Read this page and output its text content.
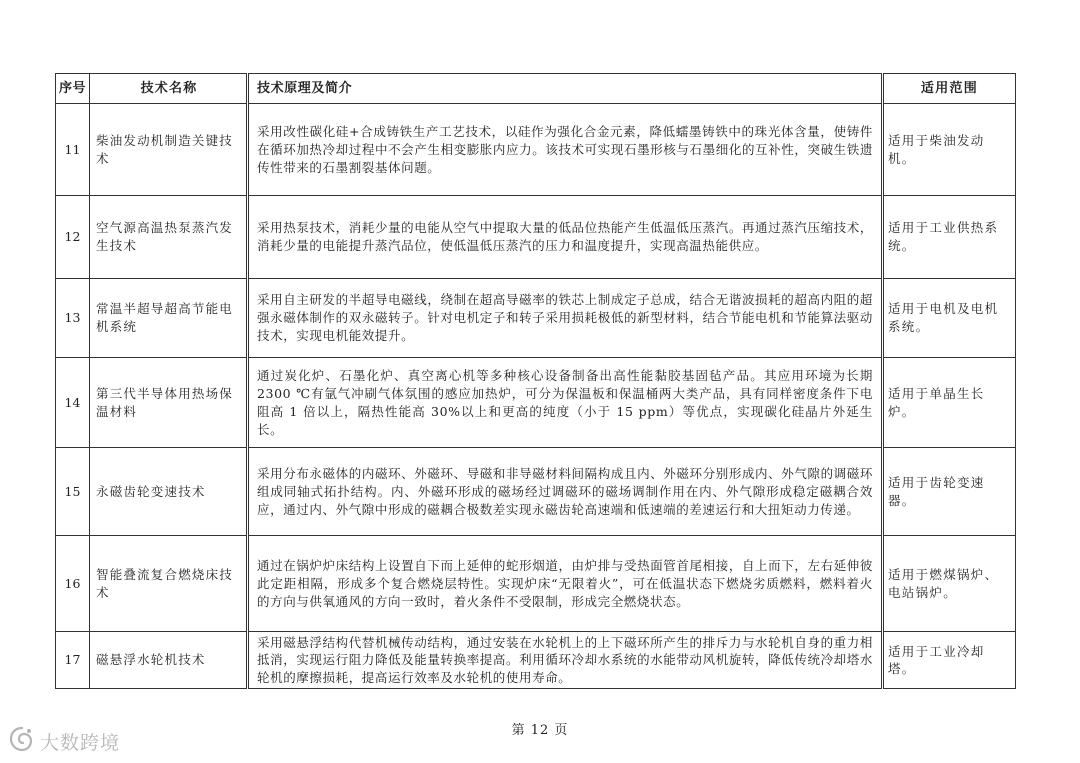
序号	技术名称	技术原理及简介	适用范围

11	柴油发动机制造关键技术	采用改性碳化硅+合成铸铁生产工艺技术，以硅作为强化合金元素，降低蠕墨铸铁中的珠光体含量，使铸件在循环加热冷却过程中不会产生相变膨胀内应力。该技术可实现石墨形核与石墨细化的互补性，突破生铁遗传性带来的石墨割裂基体问题。	适用于柴油发动机。

12	空气源高温热泵蒸汽发生技术	采用热泵技术，消耗少量的电能从空气中提取大量的低品位热能产生低温低压蒸汽。再通过蒸汽压缩技术，消耗少量的电能提升蒸汽品位，使低温低压蒸汽的压力和温度提升，实现高温热能供应。	适用于工业供热系统。

13	常温半超导超高节能电机系统	采用自主研发的半超导电磁线，绕制在超高导磁率的铁芯上制成定子总成，结合无谐波损耗的超高内阻的超强永磁体制作的双永磁转子。针对电机定子和转子采用损耗极低的新型材料，结合节能电机和节能算法驱动技术，实现电机能效提升。	适用于电机及电机系统。

14	第三代半导体用热场保温材料	通过炭化炉、石墨化炉、真空离心机等多种核心设备制备出高性能黏胶基固毡产品。其应用环境为长期 2300 ℃有氩气冲刷气体氛围的感应加热炉，可分为保温板和保温桶两大类产品，具有同样密度条件下电阻高 1 倍以上，隔热性能高 30%以上和更高的纯度（小于 15 ppm）等优点，实现碳化硅晶片外延生长。	适用于单晶生长炉。

15	永磁齿轮变速技术	采用分布永磁体的内磁环、外磁环、导磁和非导磁材料间隔构成且内、外磁环分别形成内、外气隙的调磁环组成同轴式拓扑结构。内、外磁环形成的磁场经过调磁环的磁场调制作用在内、外气隙形成稳定磁耦合效应，通过内、外气隙中形成的磁耦合极数差实现永磁齿轮高速端和低速端的差速运行和大扭矩动力传递。	适用于齿轮变速器。

16	智能叠流复合燃烧床技术	通过在锅炉炉床结构上设置自下而上延伸的蛇形烟道，由炉排与受热面管首尾相接，自上而下，左右延伸彼此定距相隔，形成多个复合燃烧层特性。实现炉床“无限着火”，可在低温状态下燃烧劣质燃料，燃料着火的方向与供氧通风的方向一致时，着火条件不受限制，形成完全燃烧状态。	适用于燃煤锅炉、电站锅炉。

17	磁悬浮水轮机技术	采用磁悬浮结构代替机械传动结构，通过安装在水轮机上的上下磁环所产生的排斥力与水轮机自身的重力相抵消，实现运行阻力降低及能量转换率提高。利用循环冷却水系统的水能带动风机旋转，降低传统冷却塔水轮机的摩擦损耗，提高运行效率及水轮机的使用寿命。	适用于工业冷却塔。
第 12 页
大数跨境
